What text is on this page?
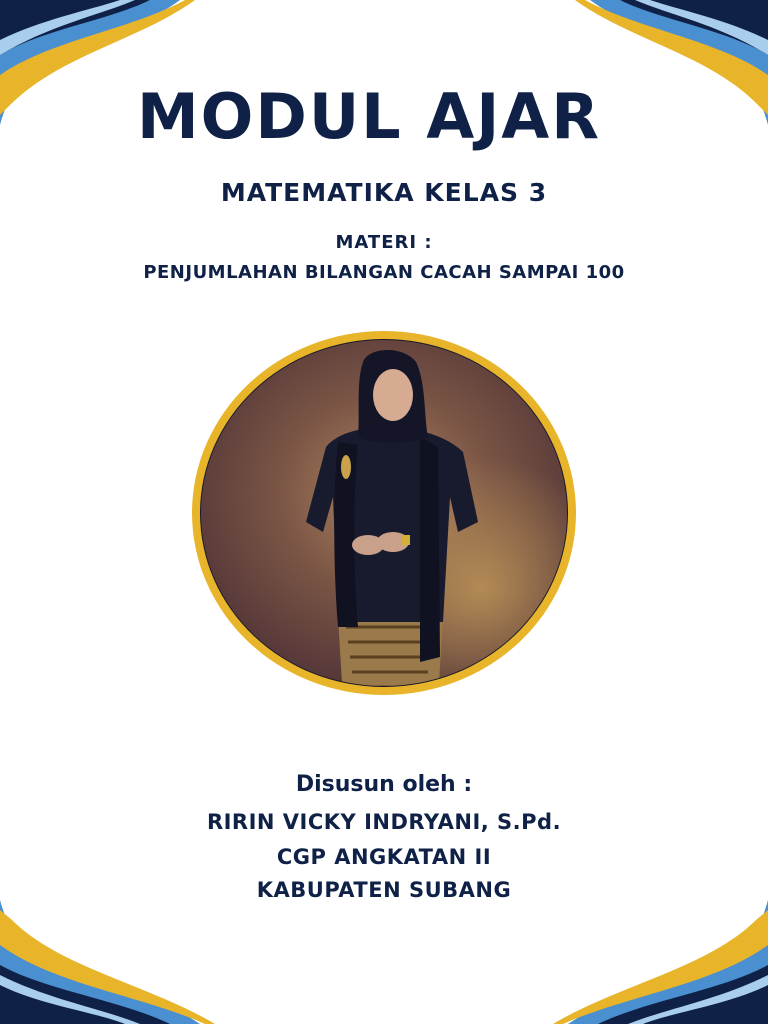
MODUL AJAR
MATEMATIKA KELAS 3
MATERI :
PENJUMLAHAN BILANGAN CACAH SAMPAI 100
Disusun oleh :
RIRIN VICKY INDRYANI, S.Pd.
CGP ANGKATAN II
KABUPATEN SUBANG
